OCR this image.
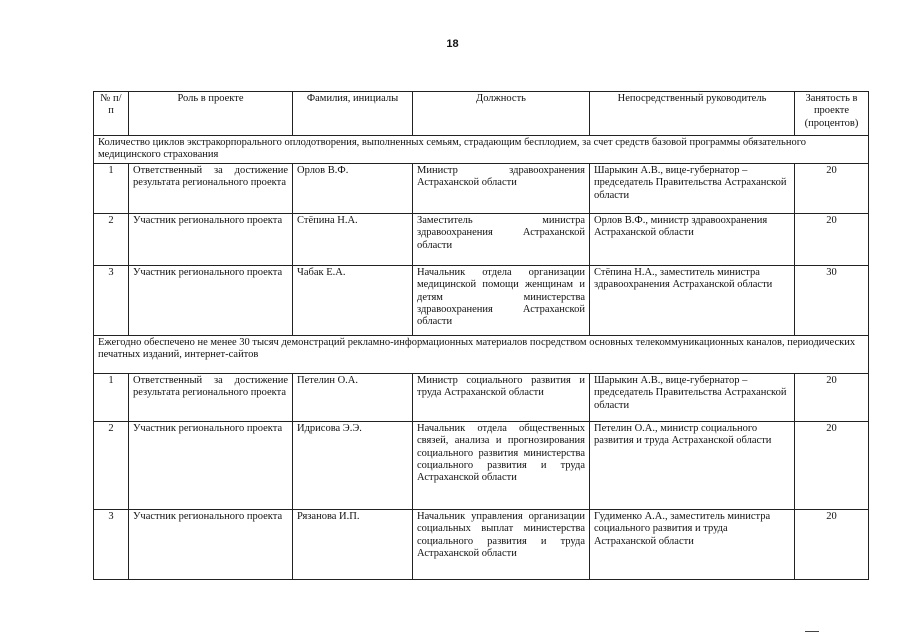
18
№ п/п	Роль в проекте	Фамилия, инициалы	Должность	Непосредственный руководитель	Занятость в проекте (процентов)
Количество циклов экстракорпорального оплодотворения, выполненных семьям, страдающим бесплодием, за счет средств базовой программы обязательного медицинского страхования					
1	Ответственный за достижение результата регионального проекта	Орлов В.Ф.	Министр здравоохранения Астраханской области	Шарыкин А.В., вице-губернатор – председатель Правительства Астраханской области	20
2	Участник регионального проекта	Стёпина Н.А.	Заместитель министра здравоохранения Астраханской области	Орлов В.Ф., министр здравоохранения Астраханской области	20
3	Участник регионального проекта	Чабак Е.А.	Начальник отдела организации медицинской помощи женщинам и детям министерства здравоохранения Астраханской области	Стёпина Н.А., заместитель министра здравоохранения Астраханской области	30
Ежегодно обеспечено не менее 30 тысяч демонстраций рекламно-информационных материалов посредством основных телекоммуникационных каналов, периодических печатных изданий, интернет-сайтов					
1	Ответственный за достижение результата регионального проекта	Петелин О.А.	Министр социального развития и труда Астраханской области	Шарыкин А.В., вице-губернатор – председатель Правительства Астраханской области	20
2	Участник регионального проекта	Идрисова Э.Э.	Начальник отдела общественных связей, анализа и прогнозирования социального развития министерства социального развития и труда Астраханской области	Петелин О.А., министр социального развития и труда Астраханской области	20
3	Участник регионального проекта	Рязанова И.П.	Начальник управления организации социальных выплат министерства социального развития и труда Астраханской области	Гудименко А.А., заместитель министра социального развития и труда Астраханской области	20
